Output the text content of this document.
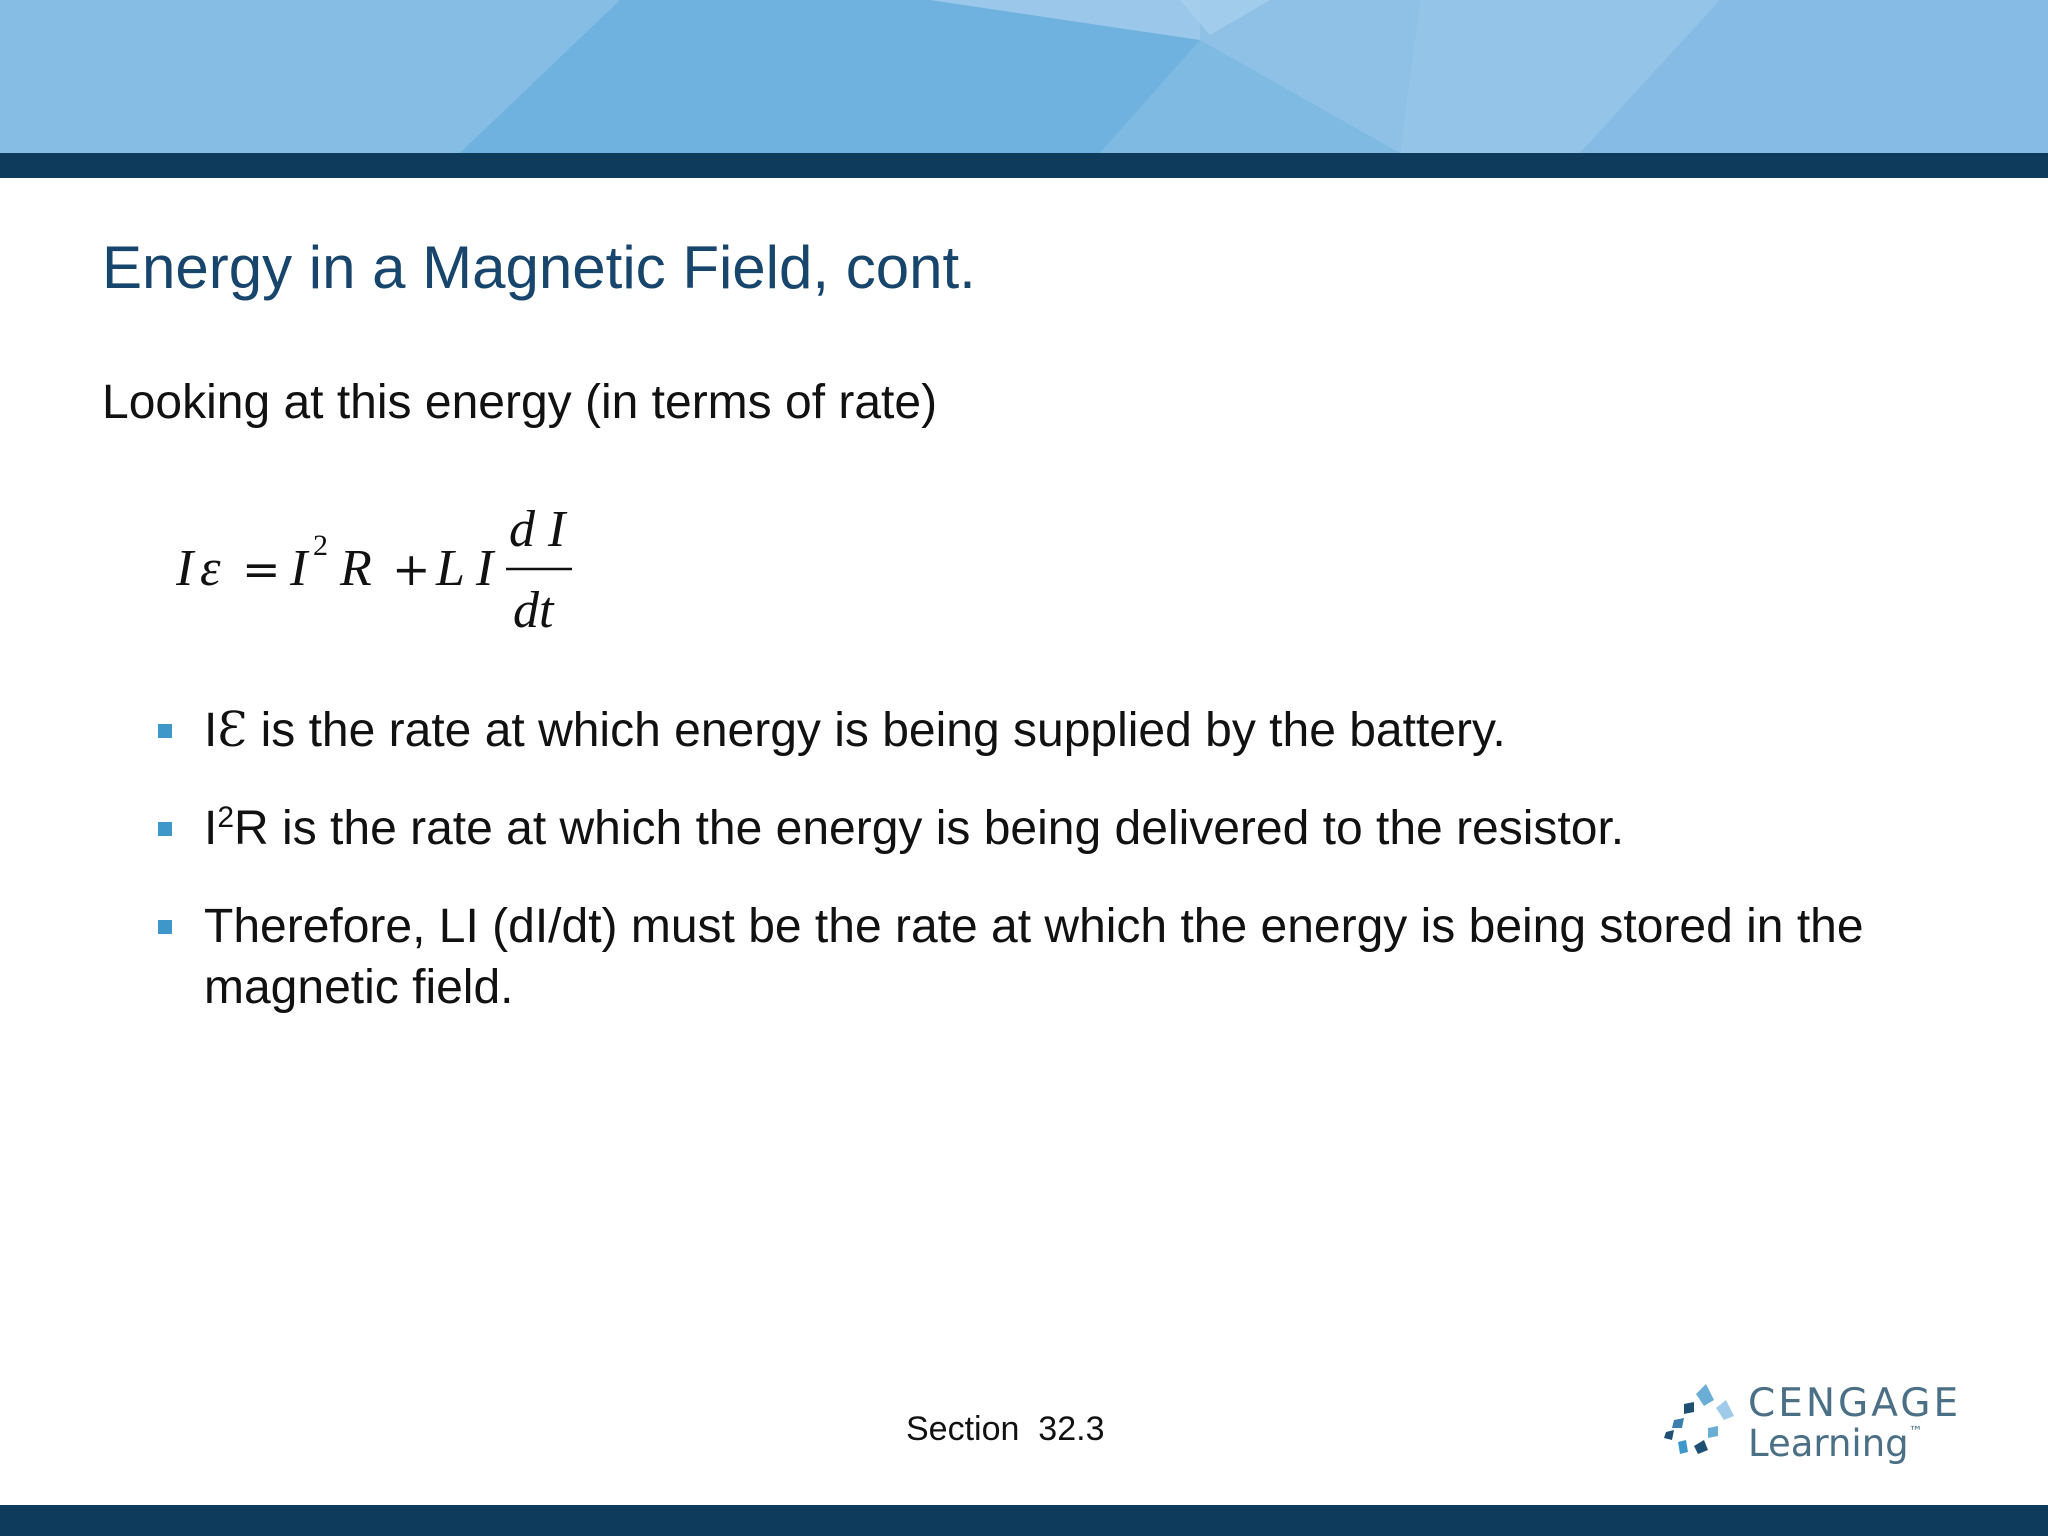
Energy in a Magnetic Field, cont.
Looking at this energy (in terms of rate)
I ε = I 2 R + L I
d I
dt
IƐ is the rate at which energy is being supplied by the battery.
$I^2R$ is the rate at which the energy is being delivered to the resistor.
Therefore, LI (dI/dt) must be the rate at which the energy is being stored in the magnetic field.
Section  32.3
CENGAGE
Learning™
